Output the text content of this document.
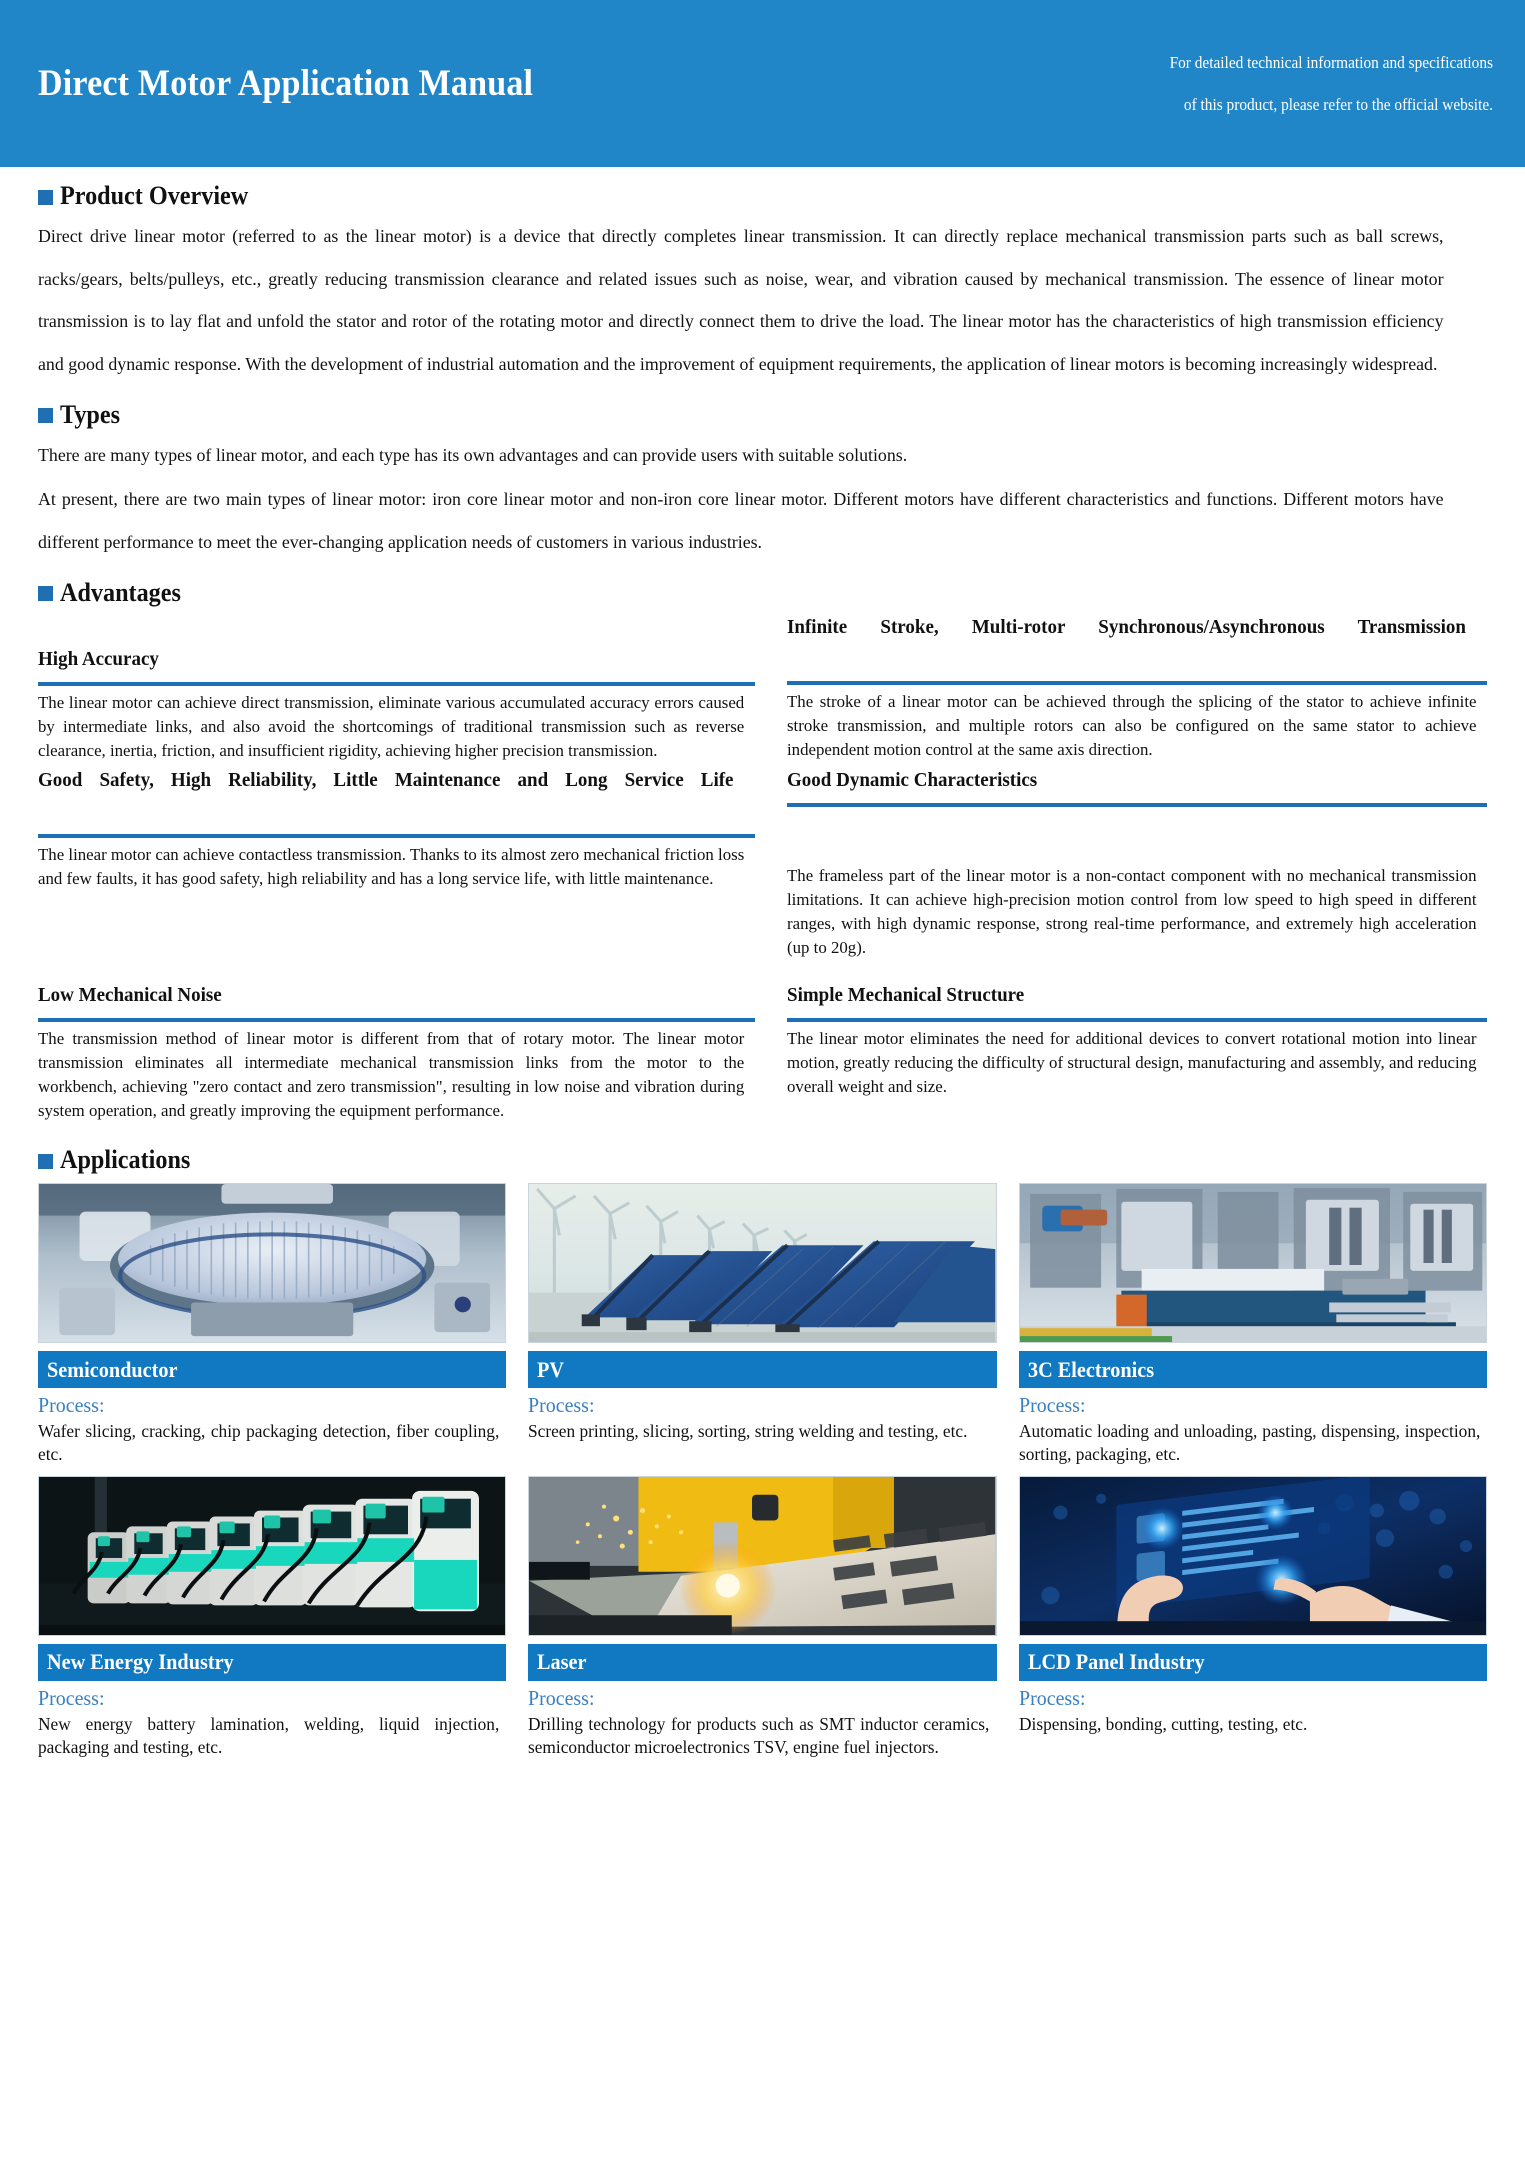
Direct Motor Application Manual
For detailed technical information and specifications
of this product, please refer to the official website.
Product Overview

Direct drive linear motor (referred to as the linear motor) is a device that directly completes linear transmission. It can directly replace mechanical transmission parts such as ball screws, racks/gears, belts/pulleys, etc., greatly reducing transmission clearance and related issues such as noise, wear, and vibration caused by mechanical transmission. The essence of linear motor transmission is to lay flat and unfold the stator and rotor of the rotating motor and directly connect them to drive the load. The linear motor has the characteristics of high transmission efficiency and good dynamic response. With the development of industrial automation and the improvement of equipment requirements, the application of linear motors is becoming increasingly widespread.

Types

There are many types of linear motor, and each type has its own advantages and can provide users with suitable solutions.

At present, there are two main types of linear motor: iron core linear motor and non-iron core linear motor. Different motors have different characteristics and functions. Different motors have different performance to meet the ever-changing application needs of customers in various industries.

Advantages
High Accuracy
The linear motor can achieve direct transmission, eliminate various accumulated accuracy errors caused by intermediate links, and also avoid the shortcomings of traditional transmission such as reverse clearance, inertia, friction, and insufficient rigidity, achieving higher precision transmission.
Infinite Stroke, Multi-rotor Synchronous/Asynchronous Transmission
The stroke of a linear motor can be achieved through the splicing of the stator to achieve infinite stroke transmission, and multiple rotors can also be configured on the same stator to achieve independent motion control at the same axis direction.
Good Safety, High Reliability, Little Maintenance and Long Service Life
The linear motor can achieve contactless transmission. Thanks to its almost zero mechanical friction loss and few faults, it has good safety, high reliability and has a long service life, with little maintenance.
Good Dynamic Characteristics
The frameless part of the linear motor is a non-contact component with no mechanical transmission limitations. It can achieve high-precision motion control from low speed to high speed in different ranges, with high dynamic response, strong real-time performance, and extremely high acceleration (up to 20g).
Low Mechanical Noise
The transmission method of linear motor is different from that of rotary motor. The linear motor transmission eliminates all intermediate mechanical transmission links from the motor to the workbench, achieving "zero contact and zero transmission", resulting in low noise and vibration during system operation, and greatly improving the equipment performance.
Simple Mechanical Structure
The linear motor eliminates the need for additional devices to convert rotational motion into linear motion, greatly reducing the difficulty of structural design, manufacturing and assembly, and reducing overall weight and size.
Applications
Semiconductor
Process:
Wafer slicing, cracking, chip packaging detection, fiber coupling, etc.
PV
Process:
Screen printing, slicing, sorting, string welding and testing, etc.
3C Electronics
Process:
Automatic loading and unloading, pasting, dispensing, inspection, sorting, packaging, etc.
New Energy Industry
Process:
New energy battery lamination, welding, liquid injection, packaging and testing, etc.
Laser
Process:
Drilling technology for products such as SMT inductor ceramics, semiconductor microelectronics TSV, engine fuel injectors.
LCD Panel Industry
Process:
Dispensing, bonding, cutting, testing, etc.
